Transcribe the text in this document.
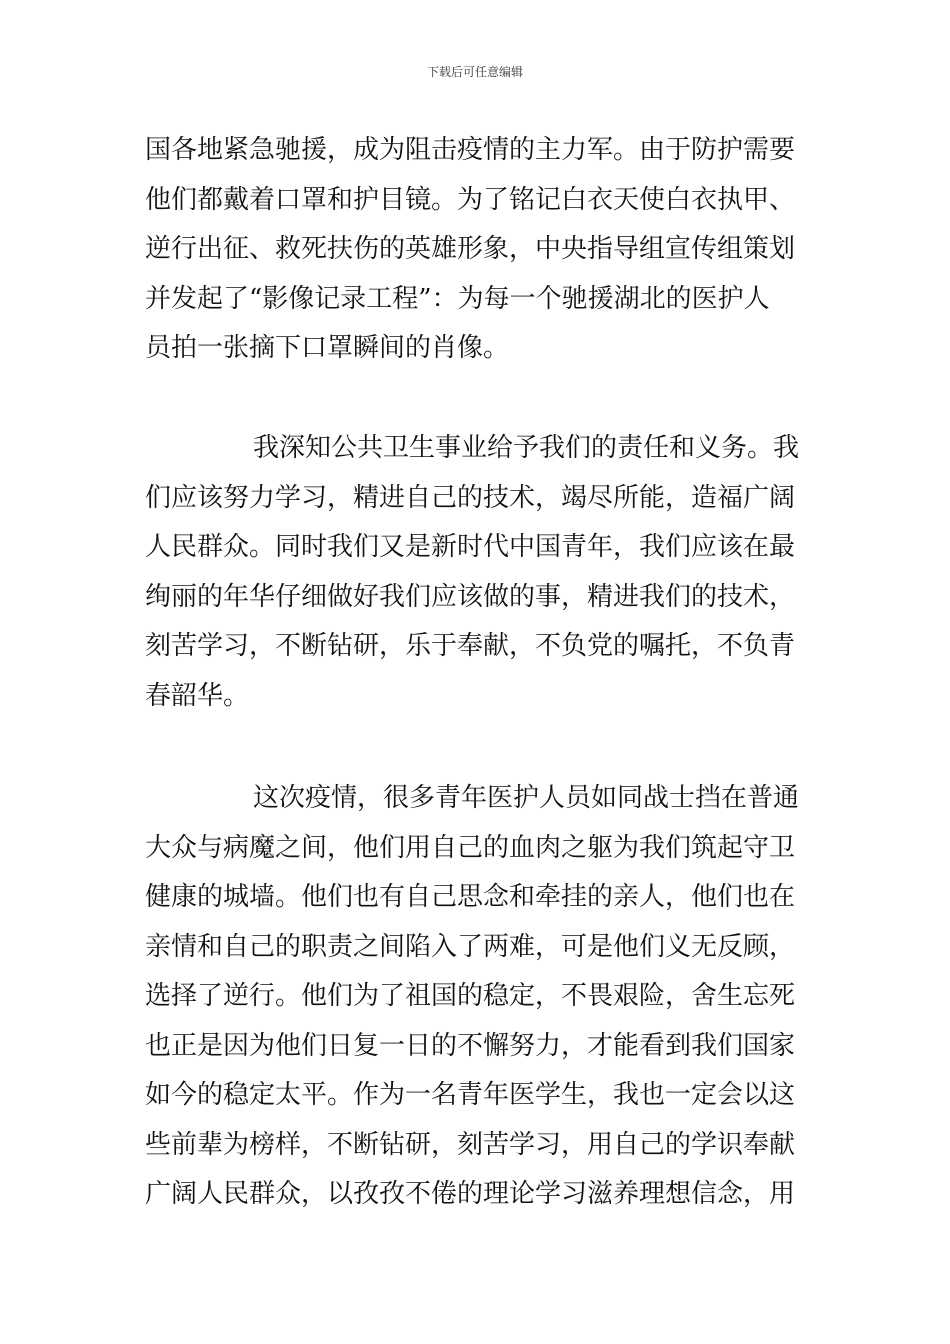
下载后可任意编辑
国各地紧急驰援，成为阻击疫情的主力军。由于防护需要
他们都戴着口罩和护目镜。为了铭记白衣天使白衣执甲、
逆行出征、救死扶伤的英雄形象，中央指导组宣传组策划
并发起了“影像记录工程”：为每一个驰援湖北的医护人
员拍一张摘下口罩瞬间的肖像。
我深知公共卫生事业给予我们的责任和义务。我
们应该努力学习，精进自己的技术，竭尽所能，造福广阔
人民群众。同时我们又是新时代中国青年，我们应该在最
绚丽的年华仔细做好我们应该做的事，精进我们的技术，
刻苦学习，不断钻研，乐于奉献，不负党的嘱托，不负青
春韶华。
这次疫情，很多青年医护人员如同战士挡在普通
大众与病魔之间，他们用自己的血肉之躯为我们筑起守卫
健康的城墙。他们也有自己思念和牵挂的亲人，他们也在
亲情和自己的职责之间陷入了两难，可是他们义无反顾，
选择了逆行。他们为了祖国的稳定，不畏艰险，舍生忘死
也正是因为他们日复一日的不懈努力，才能看到我们国家
如今的稳定太平。作为一名青年医学生，我也一定会以这
些前辈为榜样，不断钻研，刻苦学习，用自己的学识奉献
广阔人民群众，以孜孜不倦的理论学习滋养理想信念，用
